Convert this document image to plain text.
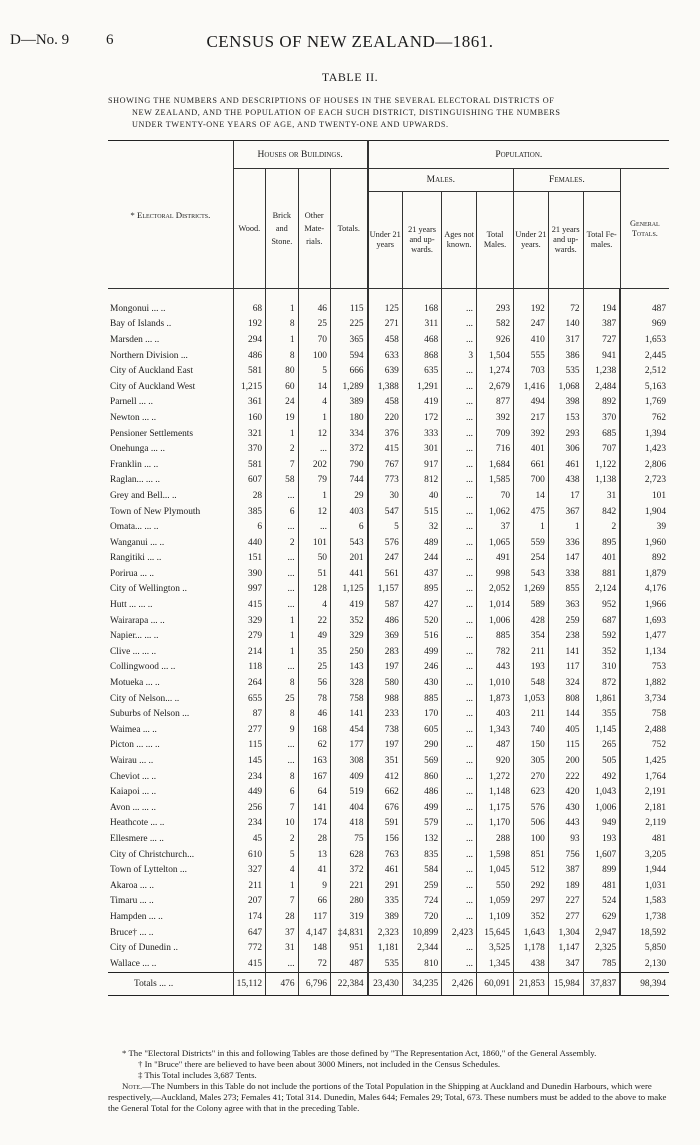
D—No. 9 6	CENSUS OF NEW ZEALAND—1861.
TABLE II.
SHOWING THE NUMBERS AND DESCRIPTIONS OF HOUSES IN THE SEVERAL ELECTORAL DISTRICTS OF
NEW ZEALAND, AND THE POPULATION OF EACH SUCH DISTRICT, DISTINGUISHING THE NUMBERS
UNDER TWENTY-ONE YEARS OF AGE, AND TWENTY-ONE AND UPWARDS.
* Electoral Districts.	Houses or Buildings.				Population.							
	Wood.	Brick and Stone.	Other Mate- rials.	Totals.	Males.				Females.			General Totals.
					Under 21 years	21 years and up- wards.	Ages not known.	Total Males.	Under 21 years.	21 years and up- wards.	Total Fe- males.	

Mongonui ... ..	68	1	46	115	125	168	...	293	192	72	194	487
Bay of Islands ..	192	8	25	225	271	311	...	582	247	140	387	969
Marsden ... ..	294	1	70	365	458	468	...	926	410	317	727	1,653
Northern Division ...	486	8	100	594	633	868	3	1,504	555	386	941	2,445
City of Auckland East	581	80	5	666	639	635	...	1,274	703	535	1,238	2,512
City of Auckland West	1,215	60	14	1,289	1,388	1,291	...	2,679	1,416	1,068	2,484	5,163
Parnell ... ..	361	24	4	389	458	419	...	877	494	398	892	1,769
Newton ... ..	160	19	1	180	220	172	...	392	217	153	370	762
Pensioner Settlements	321	1	12	334	376	333	...	709	392	293	685	1,394
Onehunga ... ..	370	2	...	372	415	301	...	716	401	306	707	1,423
Franklin ... ..	581	7	202	790	767	917	...	1,684	661	461	1,122	2,806
Raglan... ... ..	607	58	79	744	773	812	...	1,585	700	438	1,138	2,723
Grey and Bell... ..	28	...	1	29	30	40	...	70	14	17	31	101
Town of New Plymouth	385	6	12	403	547	515	...	1,062	475	367	842	1,904
Omata... ... ..	6	...	...	6	5	32	...	37	1	1	2	39
Wanganui ... ..	440	2	101	543	576	489	...	1,065	559	336	895	1,960
Rangitiki ... ..	151	...	50	201	247	244	...	491	254	147	401	892
Porirua ... ..	390	...	51	441	561	437	...	998	543	338	881	1,879
City of Wellington ..	997	...	128	1,125	1,157	895	...	2,052	1,269	855	2,124	4,176
Hutt ... ... ..	415	...	4	419	587	427	...	1,014	589	363	952	1,966
Wairarapa ... ..	329	1	22	352	486	520	...	1,006	428	259	687	1,693
Napier... ... ..	279	1	49	329	369	516	...	885	354	238	592	1,477
Clive ... ... ..	214	1	35	250	283	499	...	782	211	141	352	1,134
Collingwood ... ..	118	...	25	143	197	246	...	443	193	117	310	753
Motueka ... ..	264	8	56	328	580	430	...	1,010	548	324	872	1,882
City of Nelson... ..	655	25	78	758	988	885	...	1,873	1,053	808	1,861	3,734
Suburbs of Nelson ...	87	8	46	141	233	170	...	403	211	144	355	758
Waimea ... ..	277	9	168	454	738	605	...	1,343	740	405	1,145	2,488
Picton ... ... ..	115	...	62	177	197	290	...	487	150	115	265	752
Wairau ... ..	145	...	163	308	351	569	...	920	305	200	505	1,425
Cheviot ... ..	234	8	167	409	412	860	...	1,272	270	222	492	1,764
Kaiapoi ... ..	449	6	64	519	662	486	...	1,148	623	420	1,043	2,191
Avon ... ... ..	256	7	141	404	676	499	...	1,175	576	430	1,006	2,181
Heathcote ... ..	234	10	174	418	591	579	...	1,170	506	443	949	2,119
Ellesmere ... ..	45	2	28	75	156	132	...	288	100	93	193	481
City of Christchurch...	610	5	13	628	763	835	...	1,598	851	756	1,607	3,205
Town of Lyttelton ...	327	4	41	372	461	584	...	1,045	512	387	899	1,944
Akaroa ... ..	211	1	9	221	291	259	...	550	292	189	481	1,031
Timaru ... ..	207	7	66	280	335	724	...	1,059	297	227	524	1,583
Hampden ... ..	174	28	117	319	389	720	...	1,109	352	277	629	1,738
Bruce† ... ..	647	37	4,147	‡4,831	2,323	10,899	2,423	15,645	1,643	1,304	2,947	18,592
City of Dunedin ..	772	31	148	951	1,181	2,344	...	3,525	1,178	1,147	2,325	5,850
Wallace ... ..	415	...	72	487	535	810	...	1,345	438	347	785	2,130
Totals ... ..	15,112	476	6,796	22,384	23,430	34,235	2,426	60,091	21,853	15,984	37,837	98,394

* The "Electoral Districts" in this and following Tables are those defined by "The Representation Act, 1860," of the General Assembly.

† In "Bruce" there are believed to have been about 3000 Miners, not included in the Census Schedules.

‡ This Total includes 3,687 Tents.

Note.—The Numbers in this Table do not include the portions of the Total Population in the Shipping at Auckland and Dunedin Harbours, which were respectively,—Auckland, Males 273; Females 41; Total 314. Dunedin, Males 644; Females 29; Total, 673. These numbers must be added to the above to make the General Total for the Colony agree with that in the preceding Table.
